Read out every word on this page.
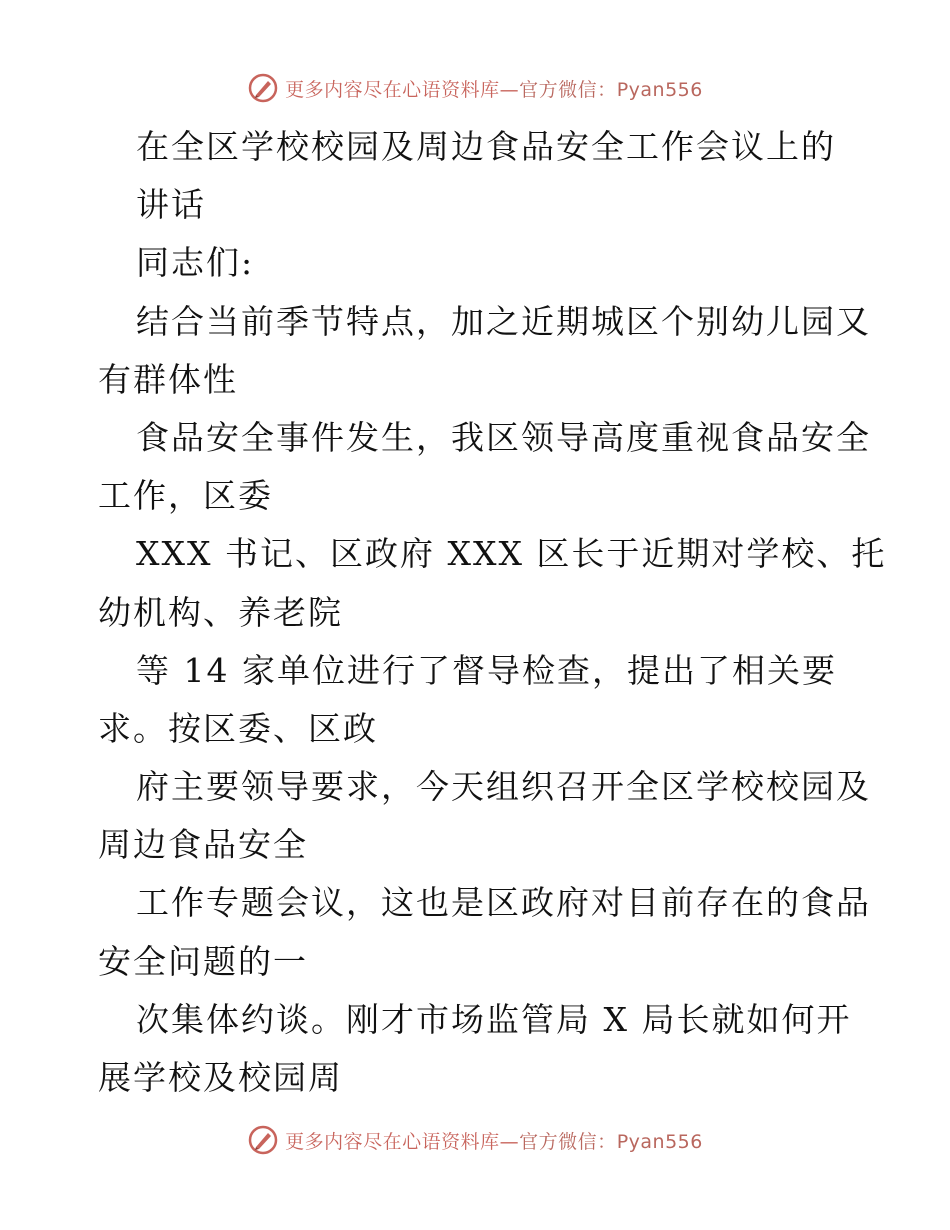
更多内容尽在心语资料库—官方微信：Pyan556
在全区学校校园及周边食品安全工作会议上的
讲话
同志们:
结合当前季节特点，加之近期城区个别幼儿园又
有群体性
食品安全事件发生，我区领导高度重视食品安全
工作，区委
XXX 书记、区政府 XXX 区长于近期对学校、托
幼机构、养老院
等 14 家单位进行了督导检查，提出了相关要
求。按区委、区政
府主要领导要求，今天组织召开全区学校校园及
周边食品安全
工作专题会议，这也是区政府对目前存在的食品
安全问题的一
次集体约谈。刚才市场监管局 X 局长就如何开
展学校及校园周
更多内容尽在心语资料库—官方微信：Pyan556
